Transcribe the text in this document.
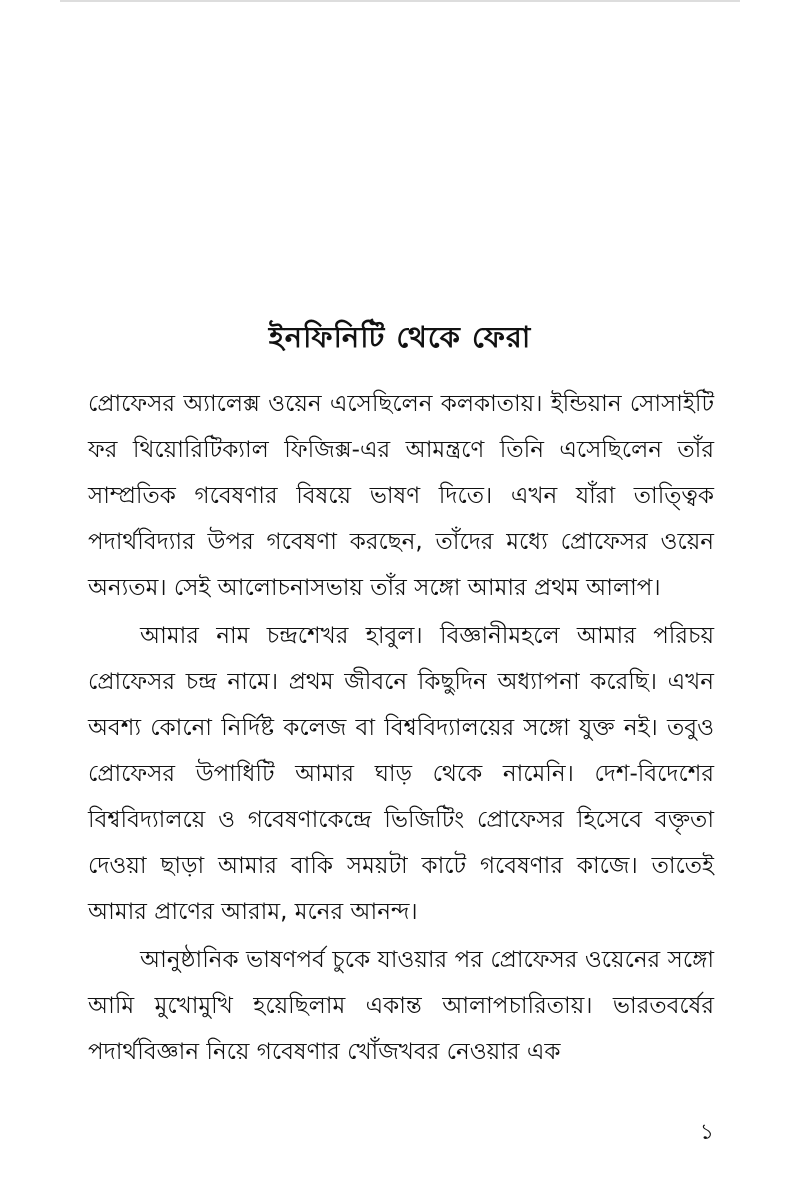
ইনফিনিটি থেকে ফেরা

প্রোফেসর অ্যালেক্স ওয়েন এসেছিলেন কলকাতায়। ইন্ডিয়ান সোসাইটি ফর থিয়োরিটিক্যাল ফিজিক্স-এর আমন্ত্রণে তিনি এসেছিলেন তাঁর সাম্প্রতিক গবেষণার বিষয়ে ভাষণ দিতে। এখন যাঁরা তাত্ত্বিক পদার্থবিদ্যার উপর গবেষণা করছেন, তাঁদের মধ্যে প্রোফেসর ওয়েন অন্যতম। সেই আলোচনাসভায় তাঁর সঙ্গো আমার প্রথম আলাপ।

আমার নাম চন্দ্রশেখর হাবুল। বিজ্ঞানীমহলে আমার পরিচয় প্রোফেসর চন্দ্র নামে। প্রথম জীবনে কিছুদিন অধ্যাপনা করেছি। এখন অবশ্য কোনো নির্দিষ্ট কলেজ বা বিশ্ববিদ্যালয়ের সঙ্গো যুক্ত নই। তবুও প্রোফেসর উপাধিটি আমার ঘাড় থেকে নামেনি। দেশ-বিদেশের বিশ্ববিদ্যালয়ে ও গবেষণাকেন্দ্রে ভিজিটিং প্রোফেসর হিসেবে বক্তৃতা দেওয়া ছাড়া আমার বাকি সময়টা কাটে গবেষণার কাজে। তাতেই আমার প্রাণের আরাম, মনের আনন্দ।

আনুষ্ঠানিক ভাষণপর্ব চুকে যাওয়ার পর প্রোফেসর ওয়েনের সঙ্গো আমি মুখোমুখি হয়েছিলাম একান্ত আলাপচারিতায়। ভারতবর্ষের পদার্থবিজ্ঞান নিয়ে গবেষণার খোঁজখবর নেওয়ার এক

১
